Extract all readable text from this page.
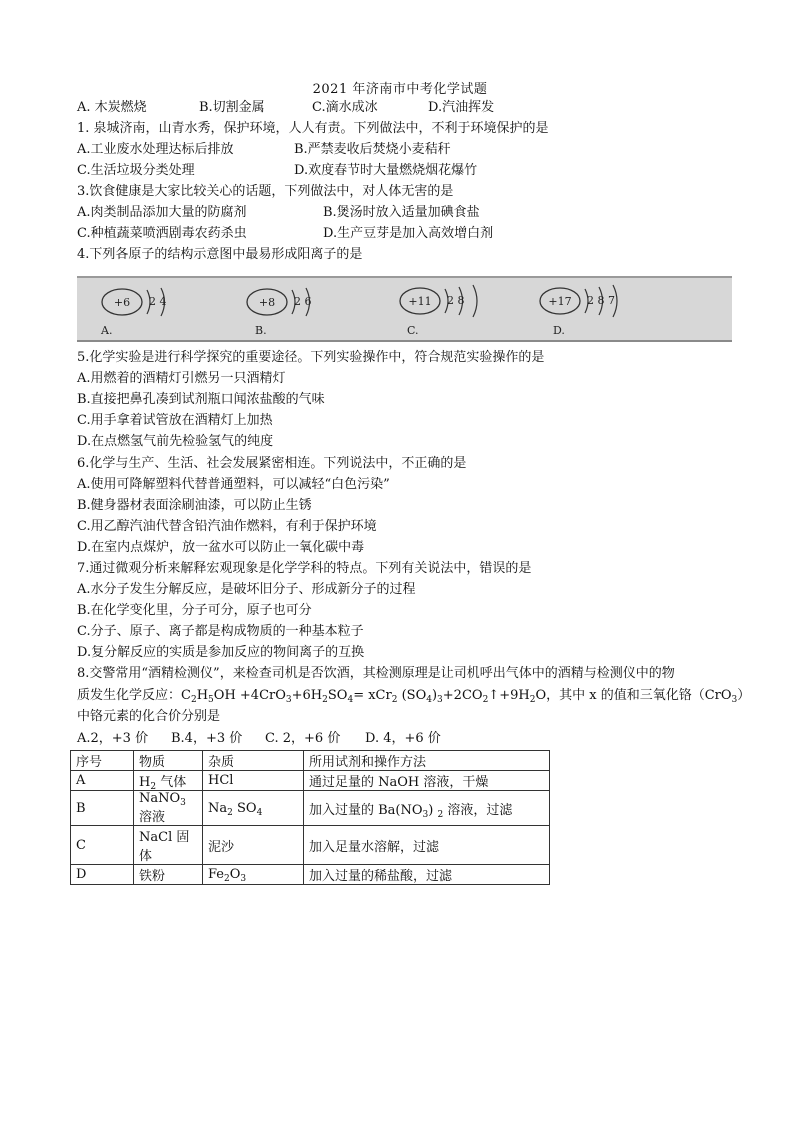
2021 年济南市中考化学试题
A. 木炭燃烧	B.切割金属	C.滴水成冰	D.汽油挥发
1. 泉城济南，山青水秀，保护环境，人人有责。下列做法中，不利于环境保护的是
A.工业废水处理达标后排放	B.严禁麦收后焚烧小麦秸秆
C.生活垃圾分类处理	D.欢度春节时大量燃烧烟花爆竹
3.饮食健康是大家比较关心的话题，下列做法中，对人体无害的是
A.肉类制品添加大量的防腐剂	B.煲汤时放入适量加碘食盐
C.种植蔬菜喷洒剧毒农药杀虫	D.生产豆芽是加入高效增白剂
4.下列各原子的结构示意图中最易形成阳离子的是
+6 2 4
A.
+8 2 6
B.
+11 2 8
C.
+17 2 8 7
D.
5.化学实验是进行科学探究的重要途径。下列实验操作中，符合规范实验操作的是
A.用燃着的酒精灯引燃另一只酒精灯
B.直接把鼻孔凑到试剂瓶口闻浓盐酸的气味
C.用手拿着试管放在酒精灯上加热
D.在点燃氢气前先检验氢气的纯度
6.化学与生产、生活、社会发展紧密相连。下列说法中，不正确的是
A.使用可降解塑料代替普通塑料，可以减轻“白色污染”
B.健身器材表面涂刷油漆，可以防止生锈
C.用乙醇汽油代替含铅汽油作燃料，有利于保护环境
D.在室内点煤炉，放一盆水可以防止一氧化碳中毒
7.通过微观分析来解释宏观现象是化学学科的特点。下列有关说法中，错误的是
A.水分子发生分解反应，是破坏旧分子、形成新分子的过程
B.在化学变化里，分子可分，原子也可分
C.分子、原子、离子都是构成物质的一种基本粒子
D.复分解反应的实质是参加反应的物间离子的互换
8.交警常用“酒精检测仪”，来检查司机是否饮酒，其检测原理是让司机呼出气体中的酒精与检测仪中的物
质发生化学反应：$C_2H_5OH +4CrO_3+6H_2SO_4= xCr_2$ $(SO_4)_3+2CO_2↑+9H_2O$，其中 x 的值和三氧化铬（CrO$_3$）
中铬元素的化合价分别是
A.2，+3 价 B.4，+3 价 C. 2，+6 价 D. 4，+6 价
序号	物质	杂质	所用试剂和操作方法
A	$H_2$ 气体	HCl	通过足量的 NaOH 溶液，干燥
B	NaNO$_3$ 溶液	$Na_2$ $SO_4$	加入过量的 $Ba(NO_3)$ $_2$ 溶液，过滤
C	NaCl 固体	泥沙	加入足量水溶解，过滤
D	铁粉	$Fe_2O_3$	加入过量的稀盐酸，过滤
